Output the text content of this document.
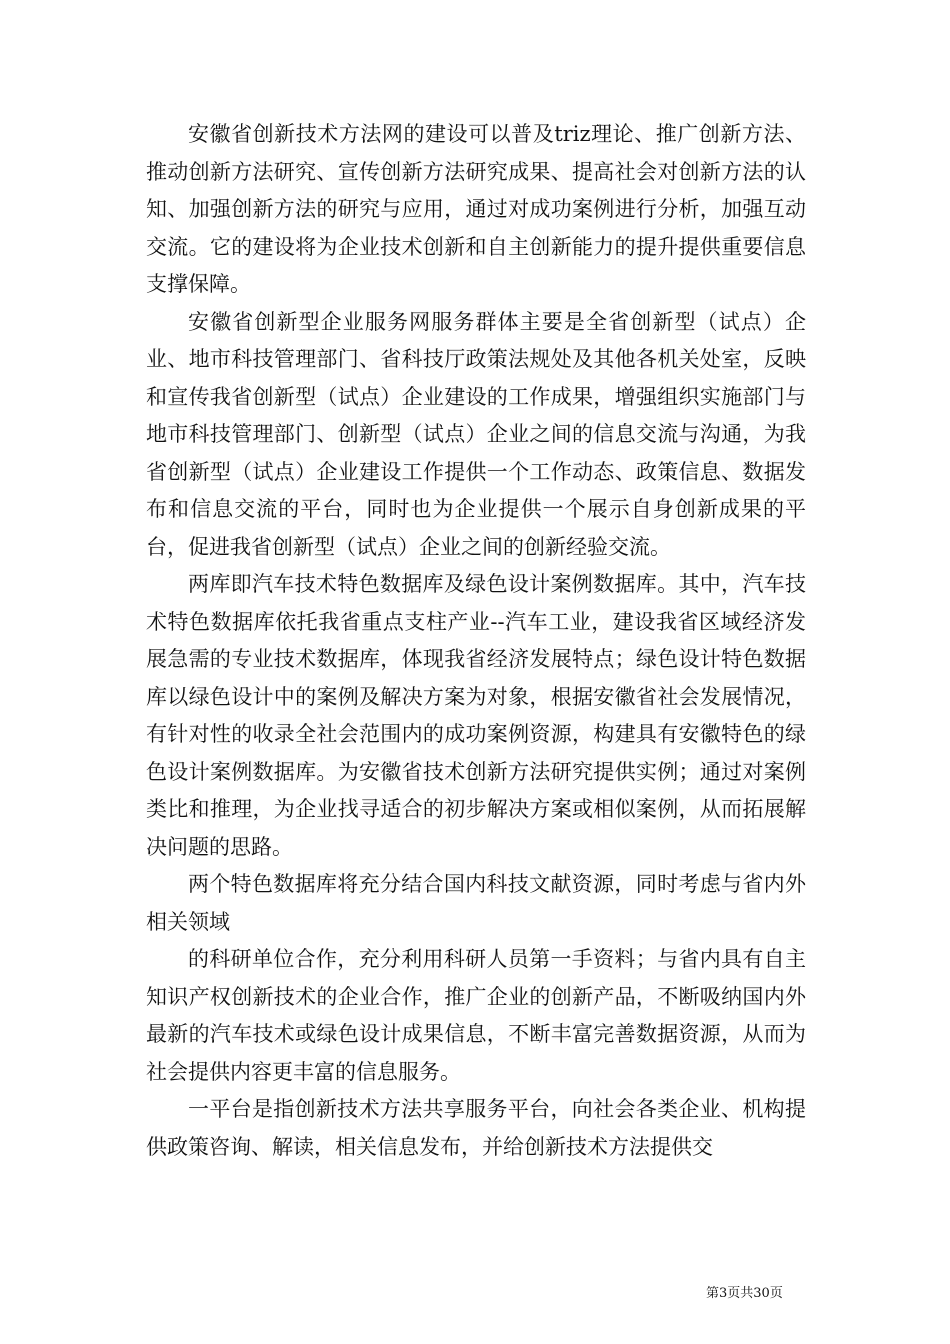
安徽省创新技术方法网的建设可以普及triz理论、推广创新方法、推动创新方法研究、宣传创新方法研究成果、提高社会对创新方法的认知、加强创新方法的研究与应用，通过对成功案例进行分析，加强互动交流。它的建设将为企业技术创新和自主创新能力的提升提供重要信息支撑保障。

安徽省创新型企业服务网服务群体主要是全省创新型（试点）企业、地市科技管理部门、省科技厅政策法规处及其他各机关处室，反映和宣传我省创新型（试点）企业建设的工作成果，增强组织实施部门与地市科技管理部门、创新型（试点）企业之间的信息交流与沟通，为我省创新型（试点）企业建设工作提供一个工作动态、政策信息、数据发布和信息交流的平台，同时也为企业提供一个展示自身创新成果的平台，促进我省创新型（试点）企业之间的创新经验交流。

两库即汽车技术特色数据库及绿色设计案例数据库。其中，汽车技术特色数据库依托我省重点支柱产业--汽车工业，建设我省区域经济发展急需的专业技术数据库，体现我省经济发展特点；绿色设计特色数据库以绿色设计中的案例及解决方案为对象，根据安徽省社会发展情况，有针对性的收录全社会范围内的成功案例资源，构建具有安徽特色的绿色设计案例数据库。为安徽省技术创新方法研究提供实例；通过对案例类比和推理，为企业找寻适合的初步解决方案或相似案例，从而拓展解决问题的思路。

两个特色数据库将充分结合国内科技文献资源，同时考虑与省内外相关领域

的科研单位合作，充分利用科研人员第一手资料；与省内具有自主知识产权创新技术的企业合作，推广企业的创新产品，不断吸纳国内外最新的汽车技术或绿色设计成果信息，不断丰富完善数据资源，从而为社会提供内容更丰富的信息服务。

一平台是指创新技术方法共享服务平台，向社会各类企业、机构提供政策咨询、解读，相关信息发布，并给创新技术方法提供交

第3页共30页
